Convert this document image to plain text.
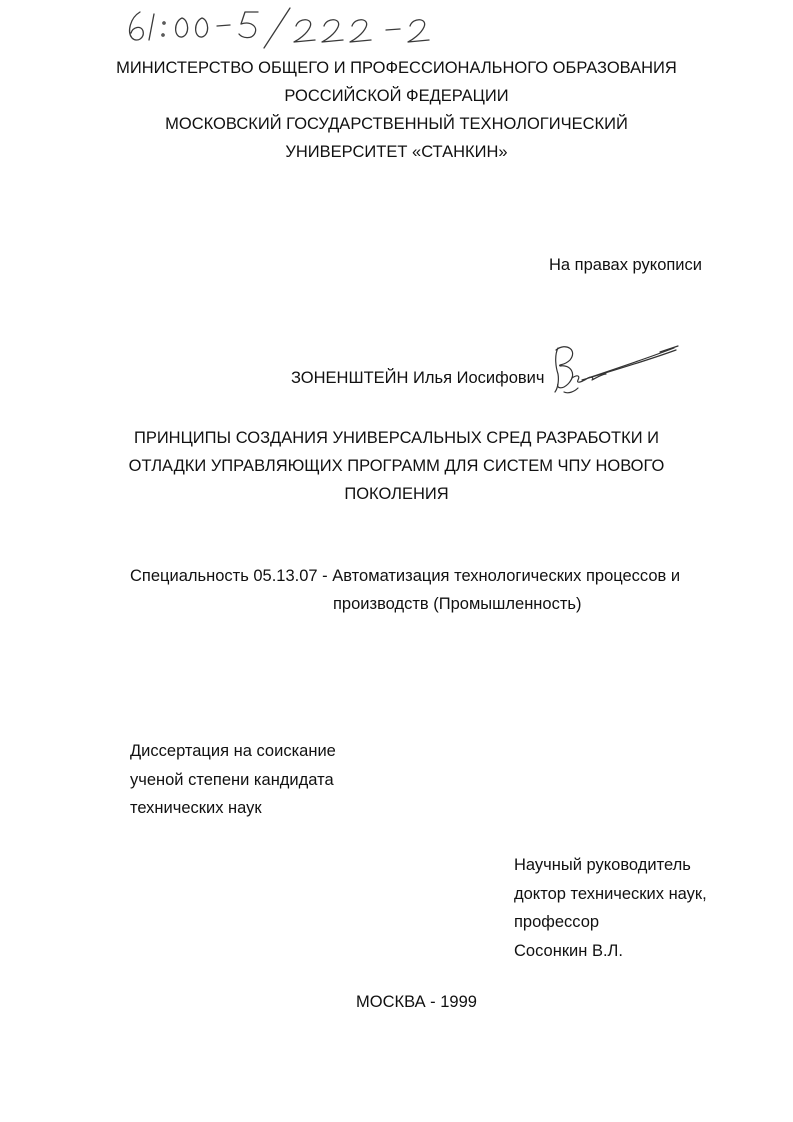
МИНИСТЕРСТВО ОБЩЕГО И ПРОФЕССИОНАЛЬНОГО ОБРАЗОВАНИЯ
РОССИЙСКОЙ ФЕДЕРАЦИИ
МОСКОВСКИЙ ГОСУДАРСТВЕННЫЙ ТЕХНОЛОГИЧЕСКИЙ
УНИВЕРСИТЕТ «СТАНКИН»
На правах рукописи
ЗОНЕНШТЕЙН Илья Иосифович
ПРИНЦИПЫ СОЗДАНИЯ УНИВЕРСАЛЬНЫХ СРЕД РАЗРАБОТКИ И
ОТЛАДКИ УПРАВЛЯЮЩИХ ПРОГРАММ ДЛЯ СИСТЕМ ЧПУ НОВОГО
ПОКОЛЕНИЯ
Специальность 05.13.07 - Автоматизация технологических процессов и
производств (Промышленность)
Диссертация на соискание
ученой степени кандидата
технических наук
Научный руководитель
доктор технических наук,
профессор
Сосонкин В.Л.
МОСКВА - 1999
